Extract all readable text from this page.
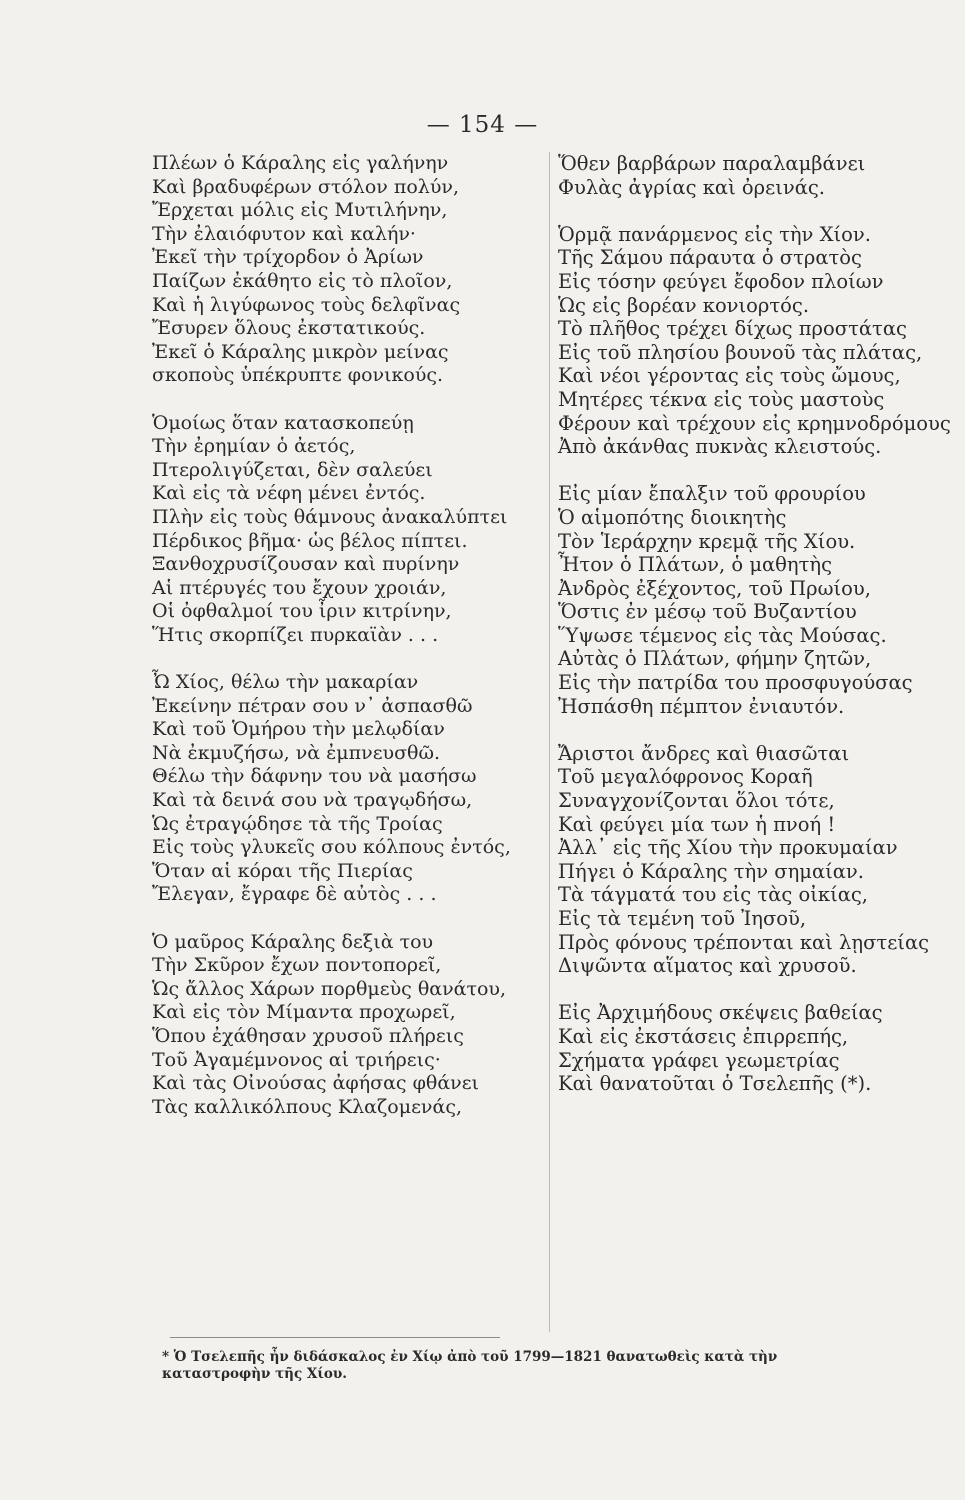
— 154 —
Πλέων ὁ Κάραλης εἰς γαλήνην
Καὶ βραδυφέρων στόλον πολύν,
Ἔρχεται μόλις εἰς Μυτιλήνην,
Τὴν ἐλαιόφυτον καὶ καλήν·
Ἐκεῖ τὴν τρίχορδον ὁ Ἀρίων
Παίζων ἐκάθητο εἰς τὸ πλοῖον,
Καὶ ἡ λιγύφωνος τοὺς δελφῖνας
Ἔσυρεν ὅλους ἐκστατικούς.
Ἐκεῖ ὁ Κάραλης μικρὸν μείνας
σκοποὺς ὑπέκρυπτε φονικούς.
Ὁμοίως ὅταν κατασκοπεύῃ
Τὴν ἐρημίαν ὁ ἀετός,
Πτερολιγύζεται, δὲν σαλεύει
Καὶ εἰς τὰ νέφη μένει ἐντός.
Πλὴν εἰς τοὺς θάμνους ἀνακαλύπτει
Πέρδικος βῆμα· ὡς βέλος πίπτει.
Ξανθοχρυσίζουσαν καὶ πυρίνην
Αἱ πτέρυγές του ἔχουν χροιάν,
Οἱ ὀφθαλμοί του ἶριν κιτρίνην,
Ἥτις σκορπίζει πυρκαϊὰν . . .
Ὦ Χίος, θέλω τὴν μακαρίαν
Ἐκείνην πέτραν σου ν᾽ ἀσπασθῶ
Καὶ τοῦ Ὁμήρου τὴν μελῳδίαν
Νὰ ἐκμυζήσω, νὰ ἐμπνευσθῶ.
Θέλω τὴν δάφνην του νὰ μασήσω
Καὶ τὰ δεινά σου νὰ τραγῳδήσω,
Ὡς ἐτραγῴδησε τὰ τῆς Τροίας
Εἰς τοὺς γλυκεῖς σου κόλπους ἐντός,
Ὅταν αἱ κόραι τῆς Πιερίας
Ἔλεγαν, ἔγραφε δὲ αὐτὸς . . .
Ὁ μαῦρος Κάραλης δεξιὰ του
Τὴν Σκῦρον ἔχων ποντοπορεῖ,
Ὡς ἄλλος Χάρων πορθμεὺς θανάτου,
Καὶ εἰς τὸν Μίμαντα προχωρεῖ,
Ὅπου ἐχάθησαν χρυσοῦ πλήρεις
Τοῦ Ἀγαμέμνονος αἱ τριήρεις·
Καὶ τὰς Οἰνούσας ἀφήσας φθάνει
Τὰς καλλικόλπους Κλαζομενάς,
Ὅθεν βαρβάρων παραλαμβάνει
Φυλὰς ἀγρίας καὶ ὀρεινάς.
Ὁρμᾷ πανάρμενος εἰς τὴν Χίον.
Τῆς Σάμου πάραυτα ὁ στρατὸς
Εἰς τόσην φεύγει ἔφοδον πλοίων
Ὡς εἰς βορέαν κονιορτός.
Τὸ πλῆθος τρέχει δίχως προστάτας
Εἰς τοῦ πλησίου βουνοῦ τὰς πλάτας,
Καὶ νέοι γέροντας εἰς τοὺς ὤμους,
Μητέρες τέκνα εἰς τοὺς μαστοὺς
Φέρουν καὶ τρέχουν εἰς κρημνοδρόμους
Ἀπὸ ἀκάνθας πυκνὰς κλειστούς.
Εἰς μίαν ἔπαλξιν τοῦ φρουρίου
Ὁ αἱμοπότης διοικητὴς
Τὸν Ἱεράρχην κρεμᾷ τῆς Χίου.
Ἦτον ὁ Πλάτων, ὁ μαθητὴς
Ἀνδρὸς ἐξέχοντος, τοῦ Πρωίου,
Ὅστις ἐν μέσῳ τοῦ Βυζαντίου
Ὕψωσε τέμενος εἰς τὰς Μούσας.
Αὐτὰς ὁ Πλάτων, φήμην ζητῶν,
Εἰς τὴν πατρίδα του προσφυγούσας
Ἠσπάσθη πέμπτον ἐνιαυτόν.
Ἄριστοι ἄνδρες καὶ θιασῶται
Τοῦ μεγαλόφρονος Κοραῆ
Συναγχονίζονται ὅλοι τότε,
Καὶ φεύγει μία των ἡ πνοή !
Ἀλλ᾽ εἰς τῆς Χίου τὴν προκυμαίαν
Πήγει ὁ Κάραλης τὴν σημαίαν.
Τὰ τάγματά του εἰς τὰς οἰκίας,
Εἰς τὰ τεμένη τοῦ Ἰησοῦ,
Πρὸς φόνους τρέπονται καὶ λῃστείας
Διψῶντα αἵματος καὶ χρυσοῦ.
Εἰς Ἀρχιμήδους σκέψεις βαθείας
Καὶ εἰς ἐκστάσεις ἐπιρρεπής,
Σχήματα γράφει γεωμετρίας
Καὶ θανατοῦται ὁ Τσελεπῆς (*).
* Ὁ Τσελεπῆς ἦν διδάσκαλος ἐν Χίῳ ἀπὸ τοῦ 1799—1821 θανατωθεὶς κατὰ τὴν
καταστροφὴν τῆς Χίου.
